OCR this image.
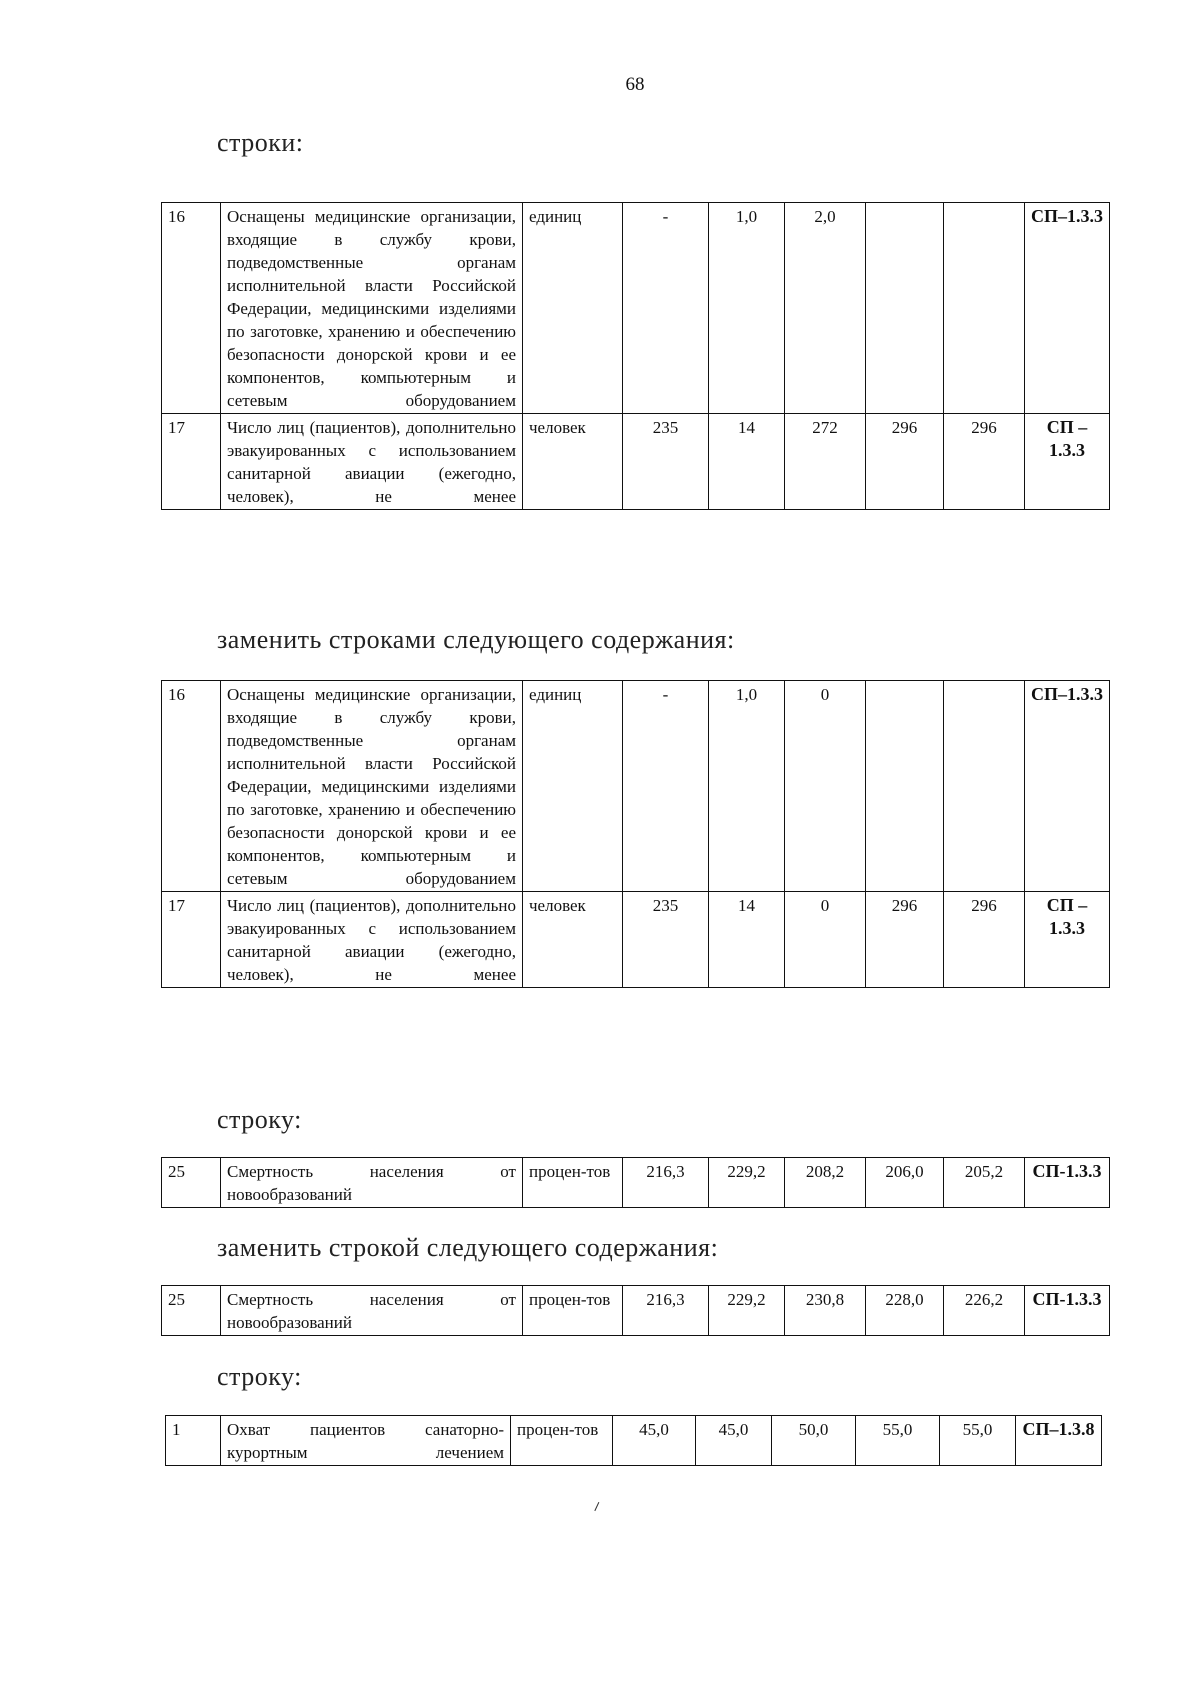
68
строки:
16	Оснащены медицинские организации, входящие в службу крови, подведомственные органам исполнительной власти Российской Федерации, медицинскими изделиями по заготовке, хранению и обеспечению безопасности донорской крови и ее компонентов, компьютерным и сетевым оборудованием	единиц	-	1,0	2,0			СП–1.3.3
17	Число лиц (пациентов), дополнительно эвакуированных с использованием санитарной авиации (ежегодно, человек), не менее	человек	235	14	272	296	296	СП – 1.3.3
заменить строками следующего содержания:
16	Оснащены медицинские организации, входящие в службу крови, подведомственные органам исполнительной власти Российской Федерации, медицинскими изделиями по заготовке, хранению и обеспечению безопасности донорской крови и ее компонентов, компьютерным и сетевым оборудованием	единиц	-	1,0	0			СП–1.3.3
17	Число лиц (пациентов), дополнительно эвакуированных с использованием санитарной авиации (ежегодно, человек), не менее	человек	235	14	0	296	296	СП – 1.3.3
строку:
25	Смертность населения от новообразований	процен-тов	216,3	229,2	208,2	206,0	205,2	СП-1.3.3
заменить строкой следующего содержания:
25	Смертность населения от новообразований	процен-тов	216,3	229,2	230,8	228,0	226,2	СП-1.3.3
строку:
1	Охват пациентов санаторно-курортным лечением	процен-тов	45,0	45,0	50,0	55,0	55,0	СП–1.3.8
⸝
